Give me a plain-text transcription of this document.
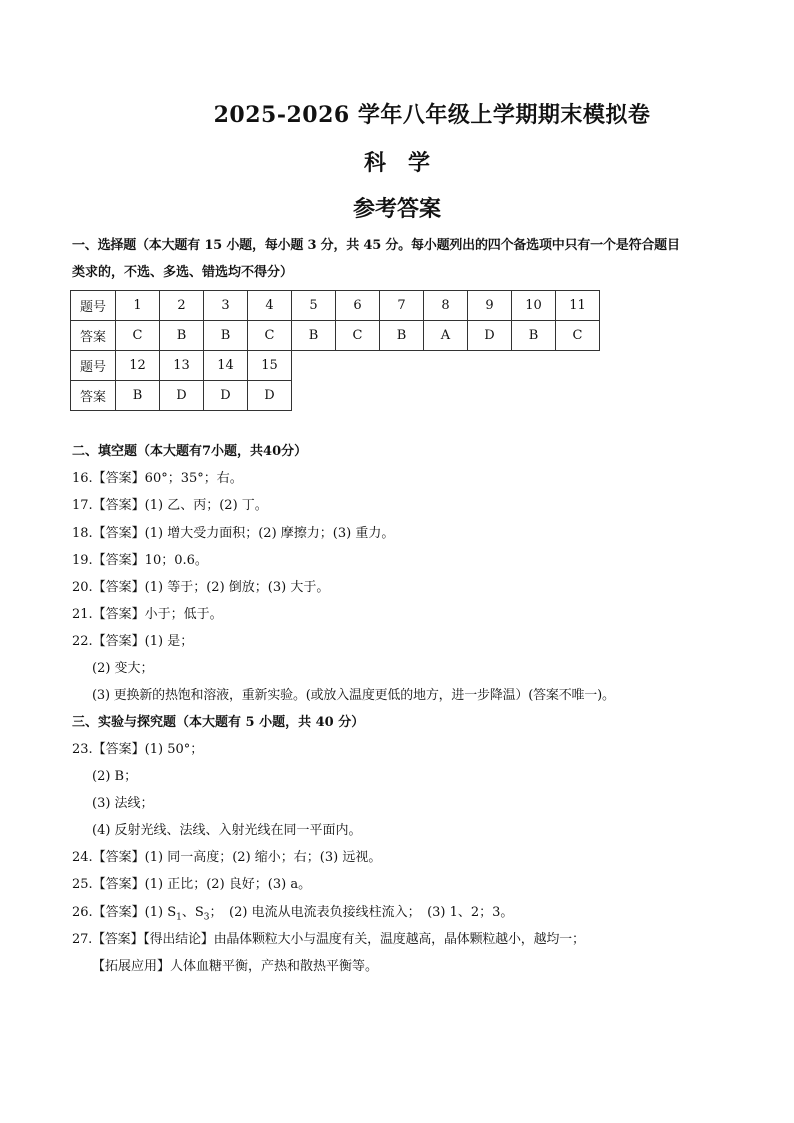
2025-2026 学年八年级上学期期末模拟卷
科　学
参考答案
一、选择题（本大题有 15 小题，每小题 3 分，共 45 分。每小题列出的四个备选项中只有一个是符合题目
类求的，不选、多选、错选均不得分）
题号	1	2	3	4	5	6	7	8	9	10	11
答案	C	B	B	C	B	C	B	A	D	B	C
题号	12	13	14	15							
答案	B	D	D	D							
二、填空题（本大题有7小题，共40分）
16.【答案】60°；35°；右。
17.【答案】(1) 乙、丙；(2) 丁。
18.【答案】(1) 增大受力面积；(2) 摩擦力；(3) 重力。
19.【答案】10；0.6。
20.【答案】(1) 等于；(2) 倒放；(3) 大于。
21.【答案】小于；低于。
22.【答案】(1) 是；
(2) 变大；
(3) 更换新的热饱和溶液，重新实验。(或放入温度更低的地方，进一步降温）(答案不唯一)。
三、实验与探究题（本大题有 5 小题，共 40 分）
23.【答案】(1) 50°；
(2) B；
(3) 法线；
(4) 反射光线、法线、入射光线在同一平面内。
24.【答案】(1) 同一高度；(2) 缩小；右；(3) 远视。
25.【答案】(1) 正比；(2) 良好；(3) a。
26.【答案】(1) $S_1$、$S_3$；　(2) 电流从电流表负接线柱流入；　(3) 1、2；3。
27.【答案】【得出结论】由晶体颗粒大小与温度有关，温度越高，晶体颗粒越小，越均一；
【拓展应用】人体血糖平衡，产热和散热平衡等。
